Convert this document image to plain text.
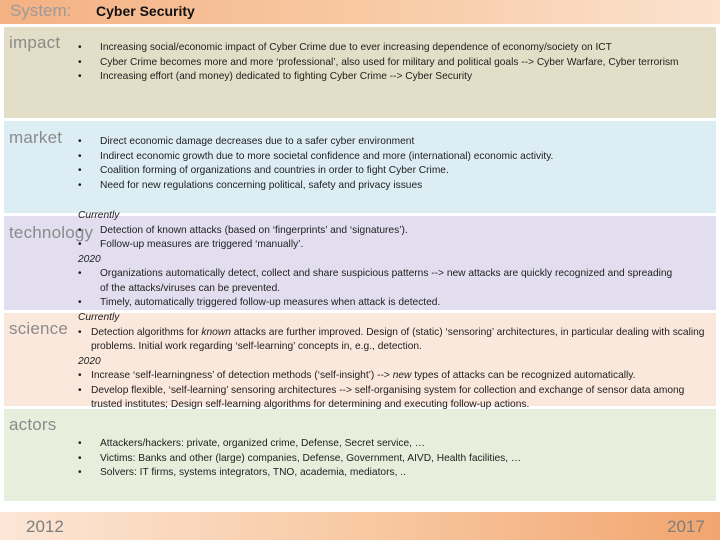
System: Cyber Security
impact	• Increasing social/economic impact of Cyber Crime due to ever increasing dependence of economy/society on ICT
• Cyber Crime becomes more and more ‘professional’, also used for military and political goals --> Cyber Warfare, Cyber terrorism
• Increasing effort (and money) dedicated to fighting Cyber Crime --> Cyber Security
market	• Direct economic damage decreases due to a safer cyber environment
• Indirect economic growth due to more societal confidence and more (international) economic activity.
• Coalition forming of organizations and countries in order to fight Cyber Crime.
• Need for new regulations concerning political, safety and privacy issues
technology
Currently
• Detection of known attacks (based on ‘fingerprints’ and ‘signatures’).
• Follow-up measures are triggered ‘manually’.
2020
• Organizations automatically detect, collect and share suspicious patterns --> new attacks are quickly recognized and spreading of the attacks/viruses can be prevented.
• Timely, automatically triggered follow-up measures when attack is detected.
science
Currently
• Detection algorithms for known attacks are further improved. Design of (static) ‘sensoring’ architectures, in particular dealing with scaling problems. Initial work regarding ‘self-learning’ concepts in, e.g., detection.
2020
• Increase ‘self-learningness’ of detection methods (‘self-insight’) --> new types of attacks can be recognized automatically.
• Develop flexible, ‘self-learning’ sensoring architectures --> self-organising system for collection and exchange of sensor data among trusted institutes; Design self-learning algorithms for determining and executing follow-up actions.
actors
• Attackers/hackers: private, organized crime, Defense, Secret service, …
• Victims: Banks and other (large) companies, Defense, Government, AIVD, Health facilities, …
• Solvers: IT firms, systems integrators, TNO, academia, mediators, ..
2012	2017
